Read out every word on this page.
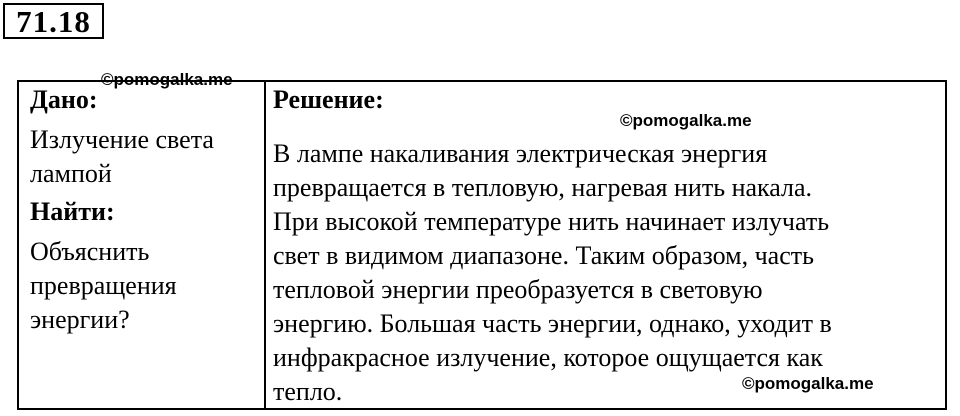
71.18
Дано:
Излучение света
лампой
Найти:
Объяснить
превращения
энергии?
Решение:
В лампе накаливания электрическая энергия
превращается в тепловую, нагревая нить накала.
При высокой температуре нить начинает излучать
свет в видимом диапазоне. Таким образом, часть
тепловой энергии преобразуется в световую
энергию. Большая часть энергии, однако, уходит в
инфракрасное излучение, которое ощущается как
тепло.
©pomogalka.me
©pomogalka.me
©pomogalka.me
